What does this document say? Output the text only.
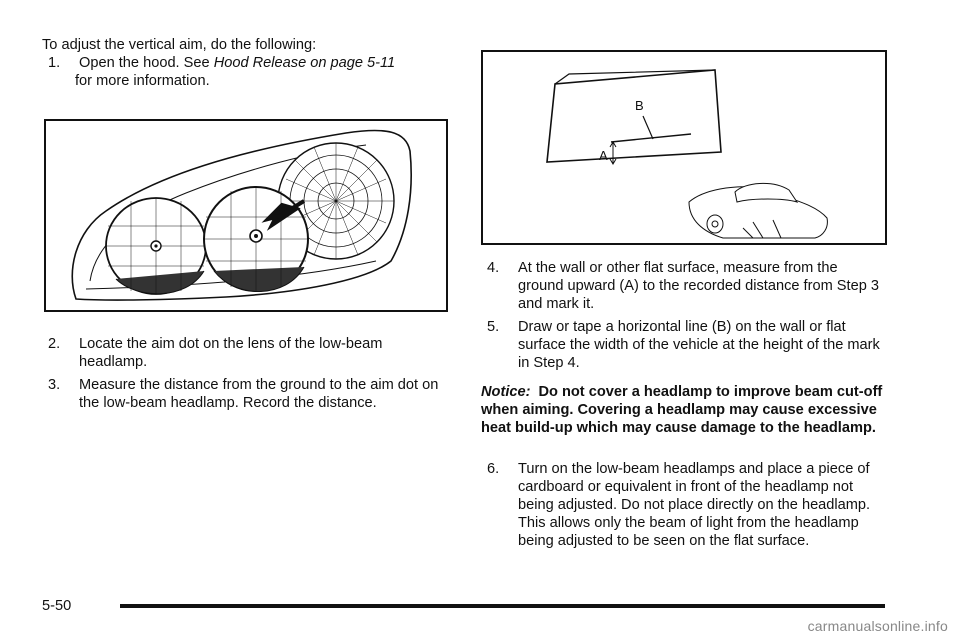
To adjust the vertical aim, do the following:

1. Open the hood. See Hood Release on page 5-11
for more information.
2. Locate the aim dot on the lens of the low-beam headlamp.
3. Measure the distance from the ground to the aim dot on the low-beam headlamp. Record the distance.
B
A
4. At the wall or other flat surface, measure from the ground upward (A) to the recorded distance from Step 3 and mark it.
5. Draw or tape a horizontal line (B) on the wall or flat surface the width of the vehicle at the height of the mark in Step 4.

Notice: Do not cover a headlamp to improve beam cut-off when aiming. Covering a headlamp may cause excessive heat build-up which may cause damage to the headlamp.

6. Turn on the low-beam headlamps and place a piece of cardboard or equivalent in front of the headlamp not being adjusted. Do not place directly on the headlamp. This allows only the beam of light from the headlamp being adjusted to be seen on the flat surface.
5-50
carmanualsonline.info
